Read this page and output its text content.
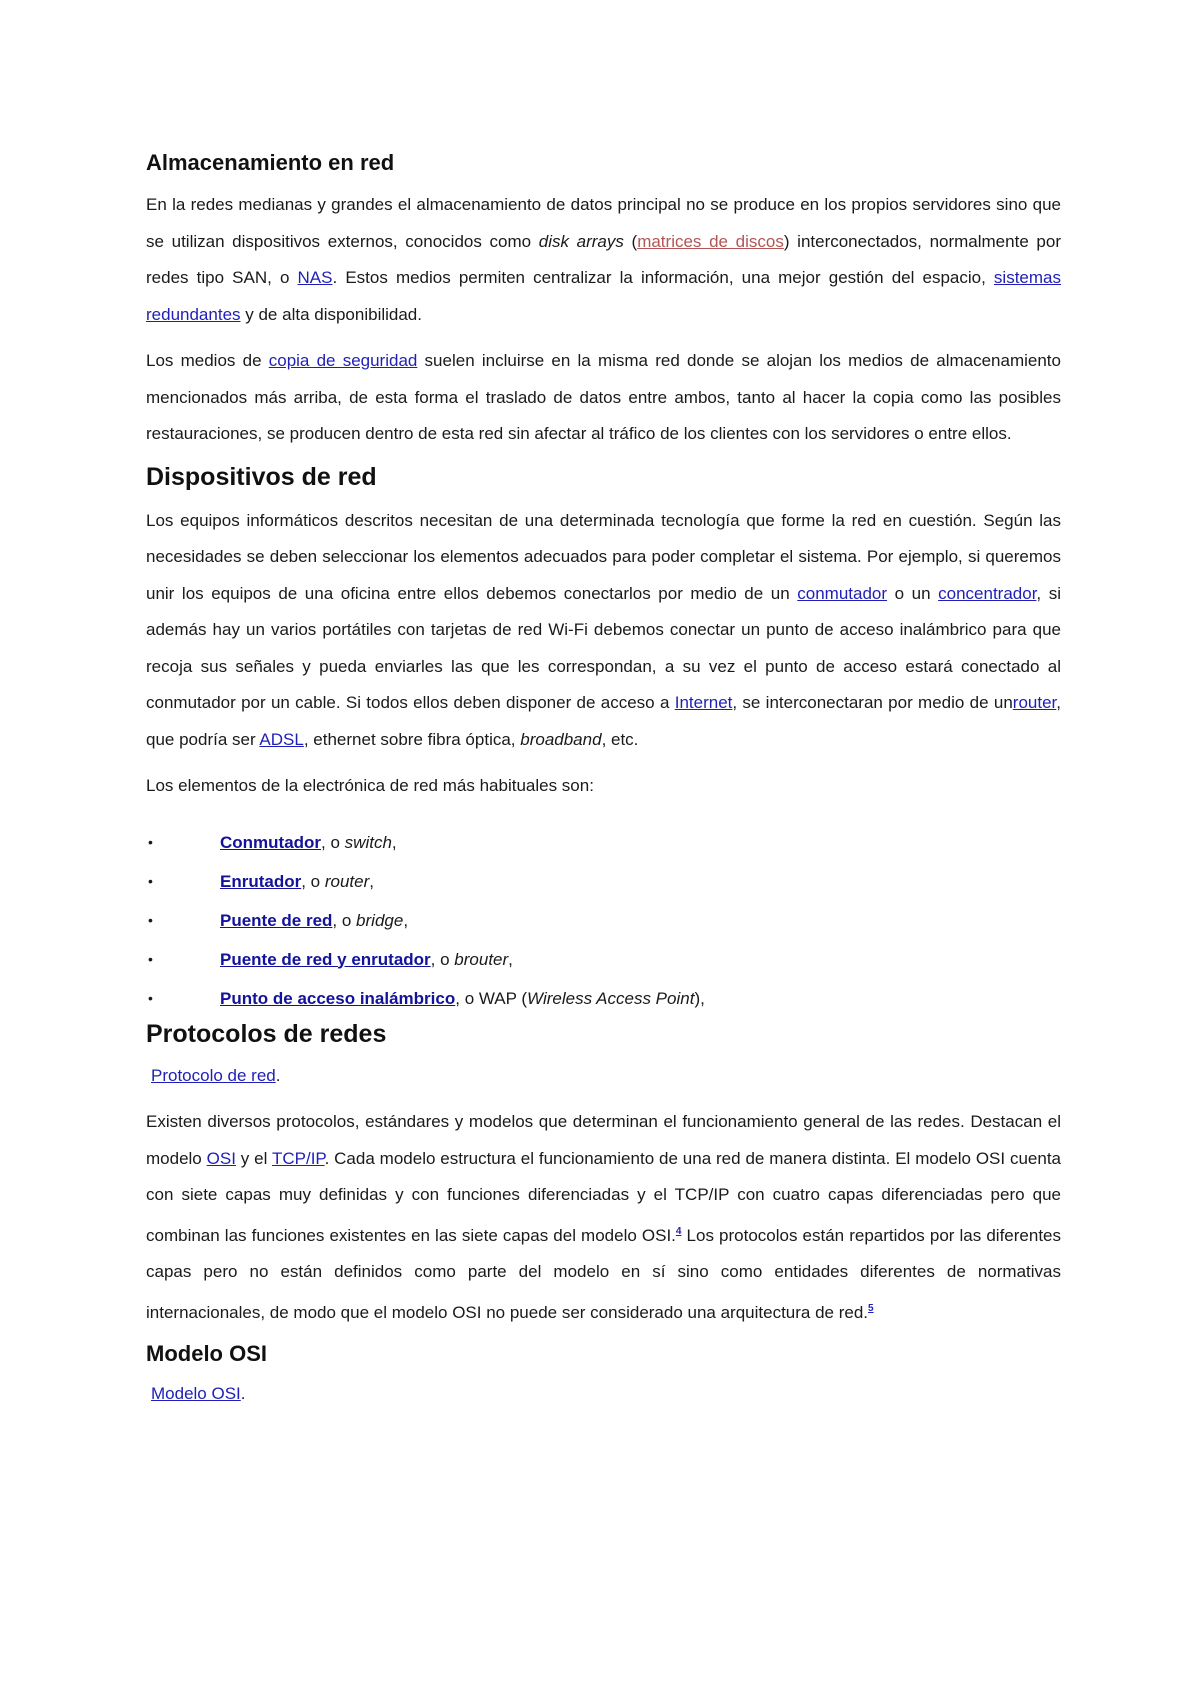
Almacenamiento en red

En la redes medianas y grandes el almacenamiento de datos principal no se produce en los propios servidores sino que se utilizan dispositivos externos, conocidos como disk arrays (matrices de discos) interconectados, normalmente por redes tipo SAN, o NAS. Estos medios permiten centralizar la información, una mejor gestión del espacio, sistemas redundantes y de alta disponibilidad.

Los medios de copia de seguridad suelen incluirse en la misma red donde se alojan los medios de almacenamiento mencionados más arriba, de esta forma el traslado de datos entre ambos, tanto al hacer la copia como las posibles restauraciones, se producen dentro de esta red sin afectar al tráfico de los clientes con los servidores o entre ellos.

Dispositivos de red

Los equipos informáticos descritos necesitan de una determinada tecnología que forme la red en cuestión. Según las necesidades se deben seleccionar los elementos adecuados para poder completar el sistema. Por ejemplo, si queremos unir los equipos de una oficina entre ellos debemos conectarlos por medio de un conmutador o un concentrador, si además hay un varios portátiles con tarjetas de red Wi-Fi debemos conectar un punto de acceso inalámbrico para que recoja sus señales y pueda enviarles las que les correspondan, a su vez el punto de acceso estará conectado al conmutador por un cable. Si todos ellos deben disponer de acceso a Internet, se interconectaran por medio de unrouter, que podría ser ADSL, ethernet sobre fibra óptica, broadband, etc.

Los elementos de la electrónica de red más habituales son:

•	Conmutador, o switch,
•	Enrutador, o router,
•	Puente de red, o bridge,
•	Puente de red y enrutador, o brouter,
•	Punto de acceso inalámbrico, o WAP (Wireless Access Point),
Protocolos de redes

Protocolo de red.

Existen diversos protocolos, estándares y modelos que determinan el funcionamiento general de las redes. Destacan el modelo OSI y el TCP/IP. Cada modelo estructura el funcionamiento de una red de manera distinta. El modelo OSI cuenta con siete capas muy definidas y con funciones diferenciadas y el TCP/IP con cuatro capas diferenciadas pero que combinan las funciones existentes en las siete capas del modelo OSI.$^4$ Los protocolos están repartidos por las diferentes capas pero no están definidos como parte del modelo en sí sino como entidades diferentes de normativas internacionales, de modo que el modelo OSI no puede ser considerado una arquitectura de red.$^5$

Modelo OSI

Modelo OSI.
